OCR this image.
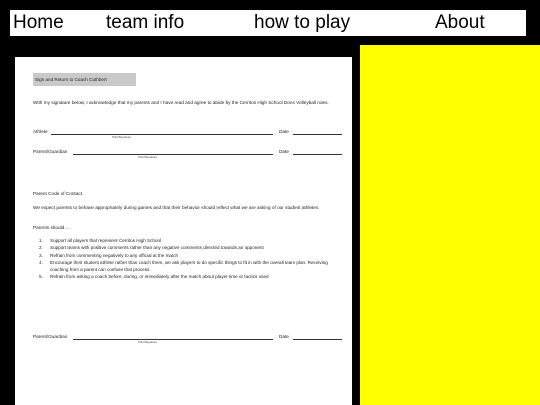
Home team info	how to play	About
Sign and Return to Coach Cuthbert
With my signature below, I acknowledge that my parents and I have read and agree to abide by the Cerritos High School Dons Volleyball rules.
Athlete
Print/Signature
Date
Parent/Guardian
Print/Signature
Date
Parent Code of Contact
We expect parents to behave appropriately during games and that their behavior should reflect what we are asking of our student athletes.
Parents should….
1. Support all players that represent Cerritos High School
2. Support teams with positive comments rather than any negative comments directed towards an opponent
3. Refrain from commenting negatively to any official at the match
4. Encourage their student athlete rather than coach them, we ask players to do specific things to fit in with the overall team plan. Receiving coaching from a parent can confuse that process.
5. Refrain from asking a coach before, during, or immediately after the match about player time or tactics used
Parent/Guardian
Print/Signature
Date
